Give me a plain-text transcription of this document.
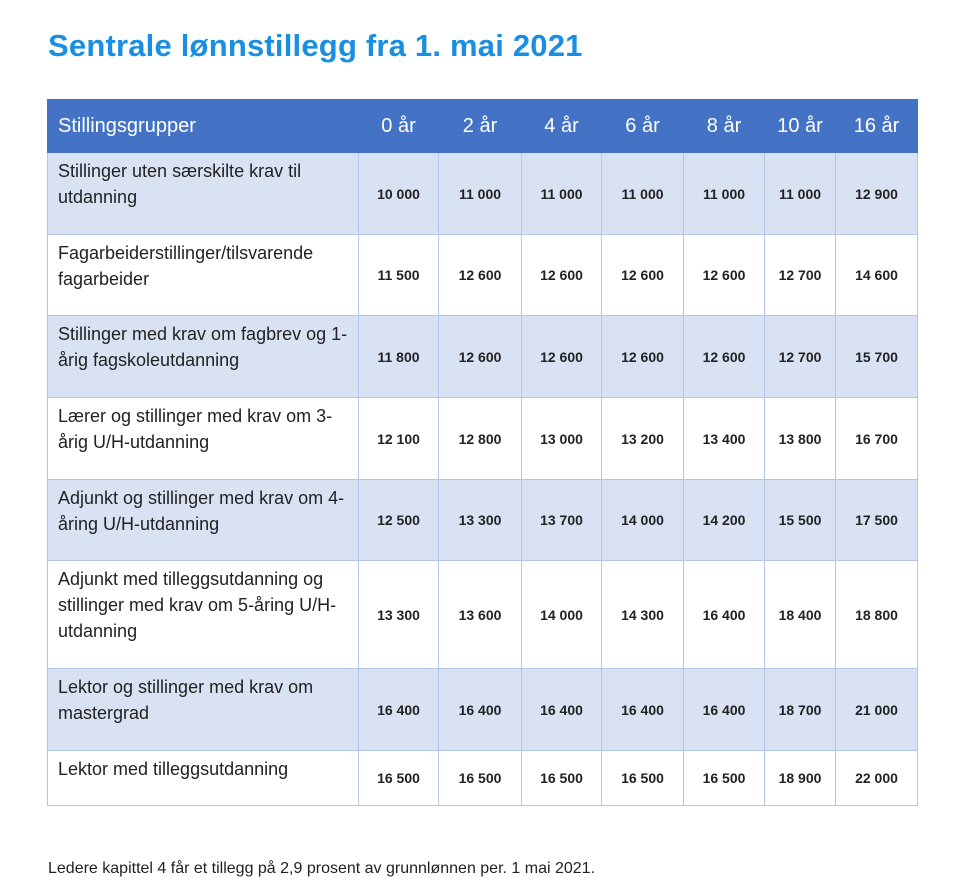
Sentrale lønnstillegg fra 1. mai 2021
Stillingsgrupper	0 år	2 år	4 år	6 år	8 år	10 år	16 år
Stillinger uten særskilte krav til utdanning	10 000	11 000	11 000	11 000	11 000	11 000	12 900
Fagarbeiderstillinger/tilsvarende fagarbeider	11 500	12 600	12 600	12 600	12 600	12 700	14 600
Stillinger med krav om fagbrev og 1-årig fagskoleutdanning	11 800	12 600	12 600	12 600	12 600	12 700	15 700
Lærer og stillinger med krav om 3-årig U/H-utdanning	12 100	12 800	13 000	13 200	13 400	13 800	16 700
Adjunkt og stillinger med krav om 4-åring U/H-utdanning	12 500	13 300	13 700	14 000	14 200	15 500	17 500
Adjunkt med tilleggsutdanning og stillinger med krav om 5-åring U/H-utdanning	13 300	13 600	14 000	14 300	16 400	18 400	18 800
Lektor og stillinger med krav om mastergrad	16 400	16 400	16 400	16 400	16 400	18 700	21 000
Lektor med tilleggsutdanning	16 500	16 500	16 500	16 500	16 500	18 900	22 000
Ledere kapittel 4 får et tillegg på 2,9 prosent av grunnlønnen per. 1 mai 2021.
